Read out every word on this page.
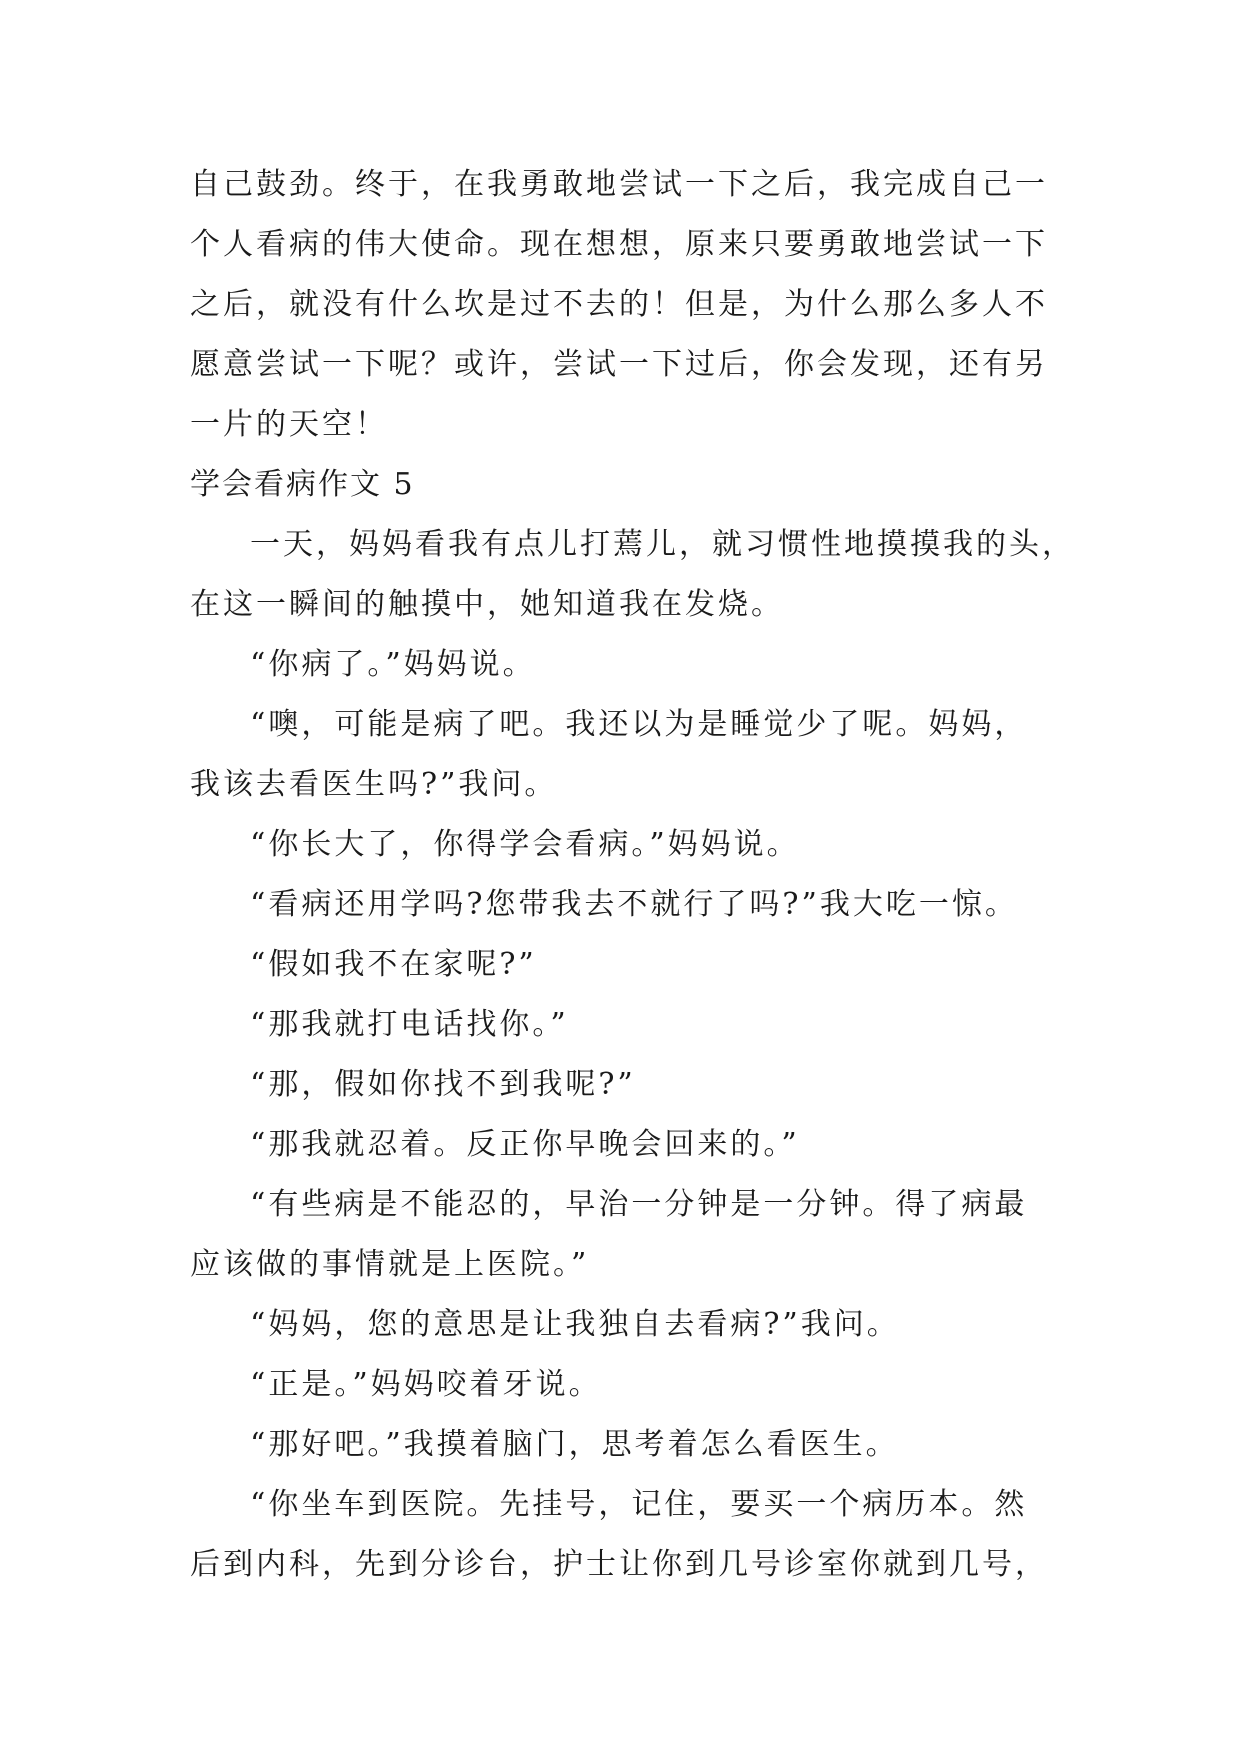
自己鼓劲。终于，在我勇敢地尝试一下之后，我完成自己一
个人看病的伟大使命。现在想想，原来只要勇敢地尝试一下
之后，就没有什么坎是过不去的！但是，为什么那么多人不
愿意尝试一下呢？或许，尝试一下过后，你会发现，还有另
一片的天空！
学会看病作文 5
一天，妈妈看我有点儿打蔫儿，就习惯性地摸摸我的头，
在这一瞬间的触摸中，她知道我在发烧。
“你病了。”妈妈说。
“噢，可能是病了吧。我还以为是睡觉少了呢。妈妈，
我该去看医生吗?”我问。
“你长大了，你得学会看病。”妈妈说。
“看病还用学吗?您带我去不就行了吗?”我大吃一惊。
“假如我不在家呢?”
“那我就打电话找你。”
“那，假如你找不到我呢?”
“那我就忍着。反正你早晚会回来的。”
“有些病是不能忍的，早治一分钟是一分钟。得了病最
应该做的事情就是上医院。”
“妈妈，您的意思是让我独自去看病?”我问。
“正是。”妈妈咬着牙说。
“那好吧。”我摸着脑门，思考着怎么看医生。
“你坐车到医院。先挂号，记住，要买一个病历本。然
后到内科，先到分诊台，护士让你到几号诊室你就到几号，
